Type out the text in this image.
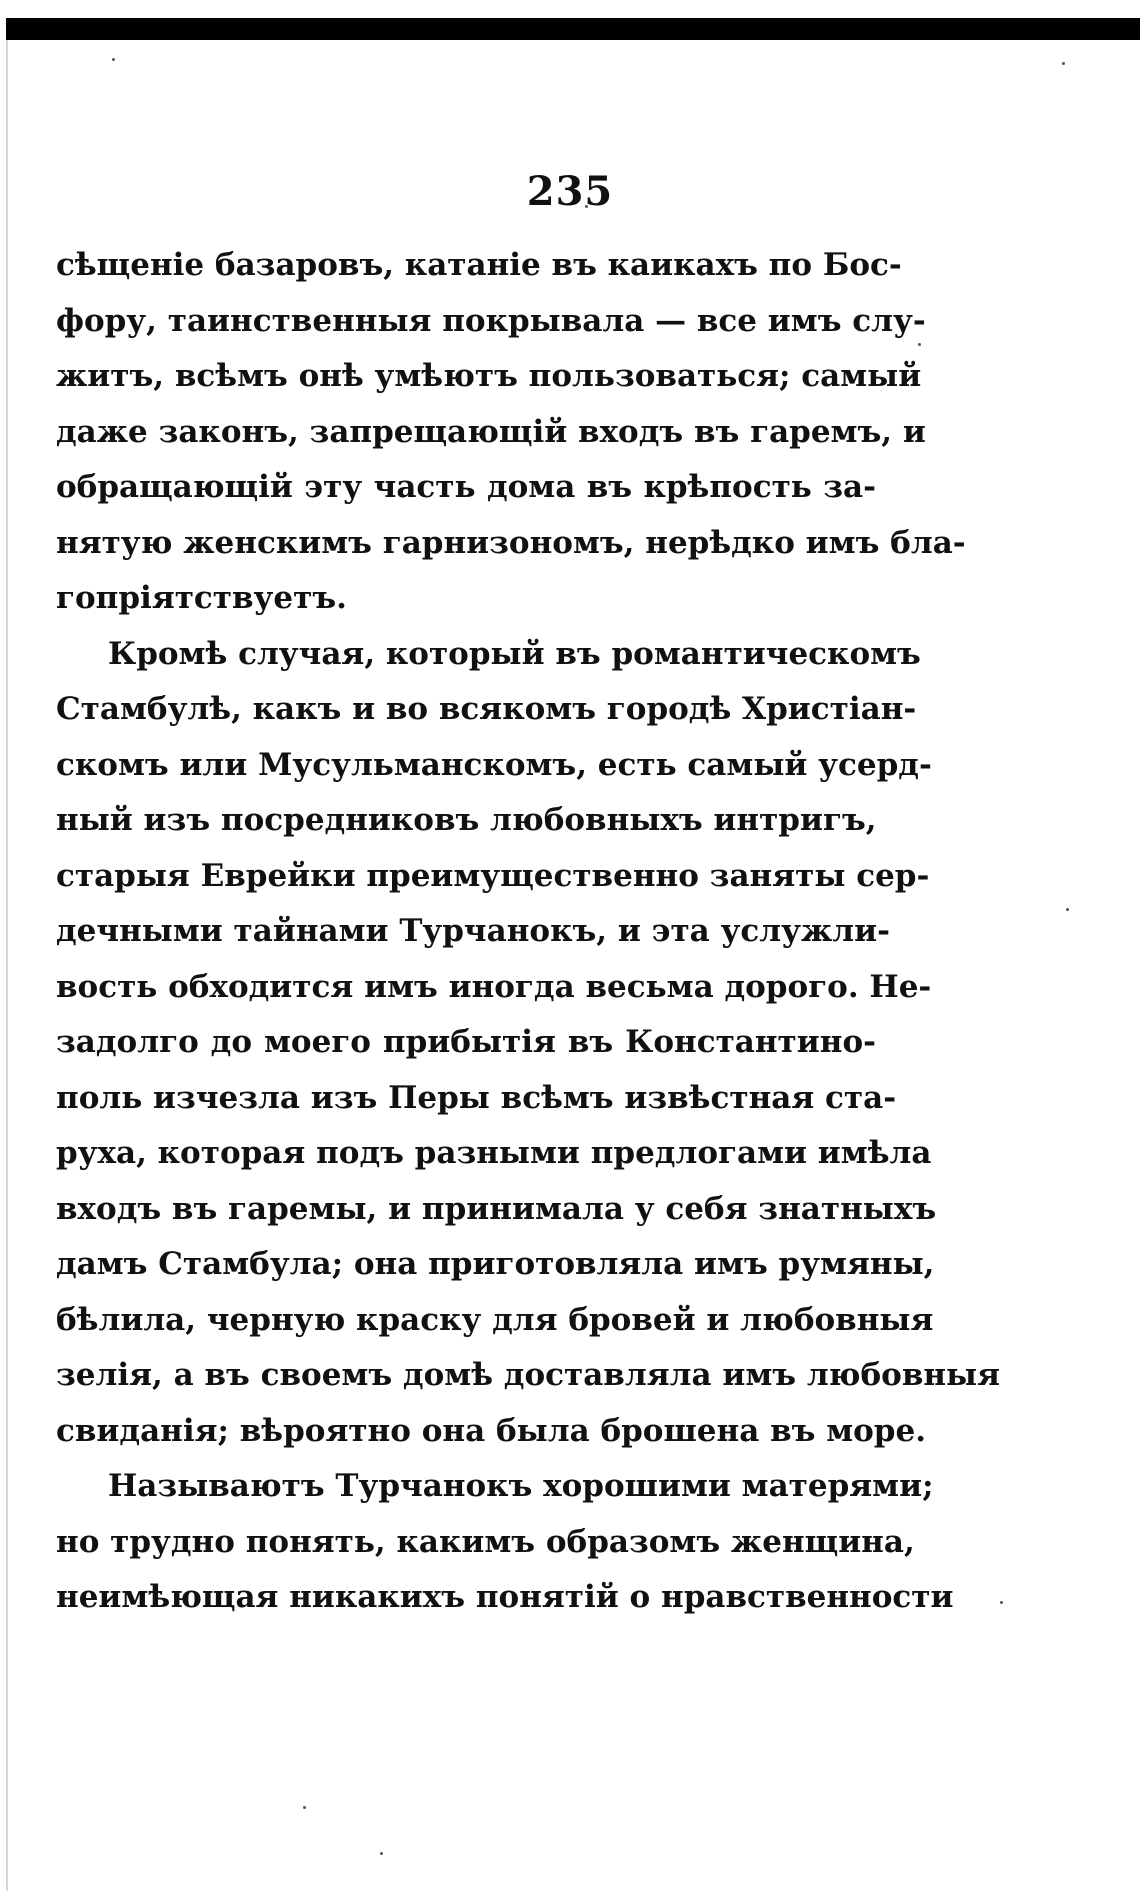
235
сѣщеніе базаровъ, катаніе въ каикахъ по Бос-
фору, таинственныя покрывала — все имъ слу-
житъ, всѣмъ онѣ умѣютъ пользоваться; самый
даже законъ, запрещающій входъ въ гаремъ, и
обращающій эту часть дома въ крѣпость за-
нятую женскимъ гарнизономъ, нерѣдко имъ бла-
гопріятствуетъ.
Кромѣ случая, который въ романтическомъ
Стамбулѣ, какъ и во всякомъ городѣ Христіан-
скомъ или Мусульманскомъ, есть самый усерд-
ный изъ посредниковъ любовныхъ интригъ,
старыя Еврейки преимущественно заняты сер-
дечными тайнами Турчанокъ, и эта услужли-
вость обходится имъ иногда весьма дорого. Не-
задолго до моего прибытія въ Константино-
поль изчезла изъ Перы всѣмъ извѣстная ста-
руха, которая подъ разными предлогами имѣла
входъ въ гаремы, и принимала у себя знатныхъ
дамъ Стамбула; она приготовляла имъ румяны,
бѣлила, черную краску для бровей и любовныя
зелія, а въ своемъ домѣ доставляла имъ любовныя
свиданія; вѣроятно она была брошена въ море.
Называютъ Турчанокъ хорошими матерями;
но трудно понять, какимъ образомъ женщина,
неимѣющая никакихъ понятій о нравственности
